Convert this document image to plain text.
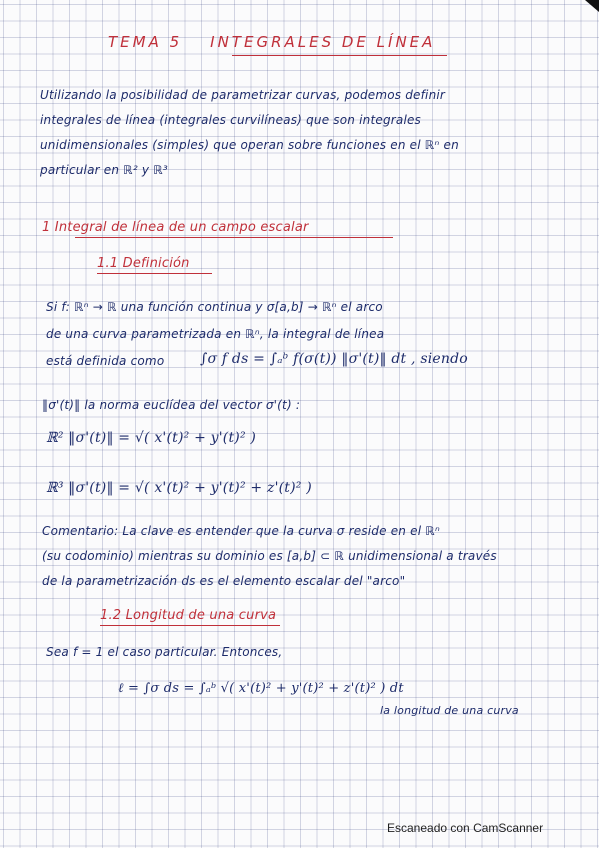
TEMA 5 INTEGRALES DE LÍNEA
Utilizando la posibilidad de parametrizar curvas, podemos definir
integrales de línea (integrales curvilíneas) que son integrales
unidimensionales (simples) que operan sobre funciones en el ℝⁿ en
particular en ℝ² y ℝ³
1 Integral de línea de un campo escalar
1.1 Definición
Si f: ℝⁿ → ℝ una función continua y σ[a,b] → ℝⁿ el arco
de una curva parametrizada en ℝⁿ, la integral de línea
está definida como	∫σ f ds = ∫ₐᵇ f(σ(t)) ‖σ'(t)‖ dt , siendo
‖σ'(t)‖ la norma euclídea del vector σ'(t) :
ℝ² ‖σ'(t)‖ = √( x'(t)² + y'(t)² )
ℝ³ ‖σ'(t)‖ = √( x'(t)² + y'(t)² + z'(t)² )
Comentario: La clave es entender que la curva σ reside en el ℝⁿ
(su codominio) mientras su dominio es [a,b] ⊂ ℝ unidimensional a través
de la parametrización ds es el elemento escalar del "arco"
1.2 Longitud de una curva
Sea f = 1 el caso particular. Entonces,
ℓ = ∫σ ds = ∫ₐᵇ √( x'(t)² + y'(t)² + z'(t)² ) dt
la longitud de una curva
Escaneado con CamScanner
